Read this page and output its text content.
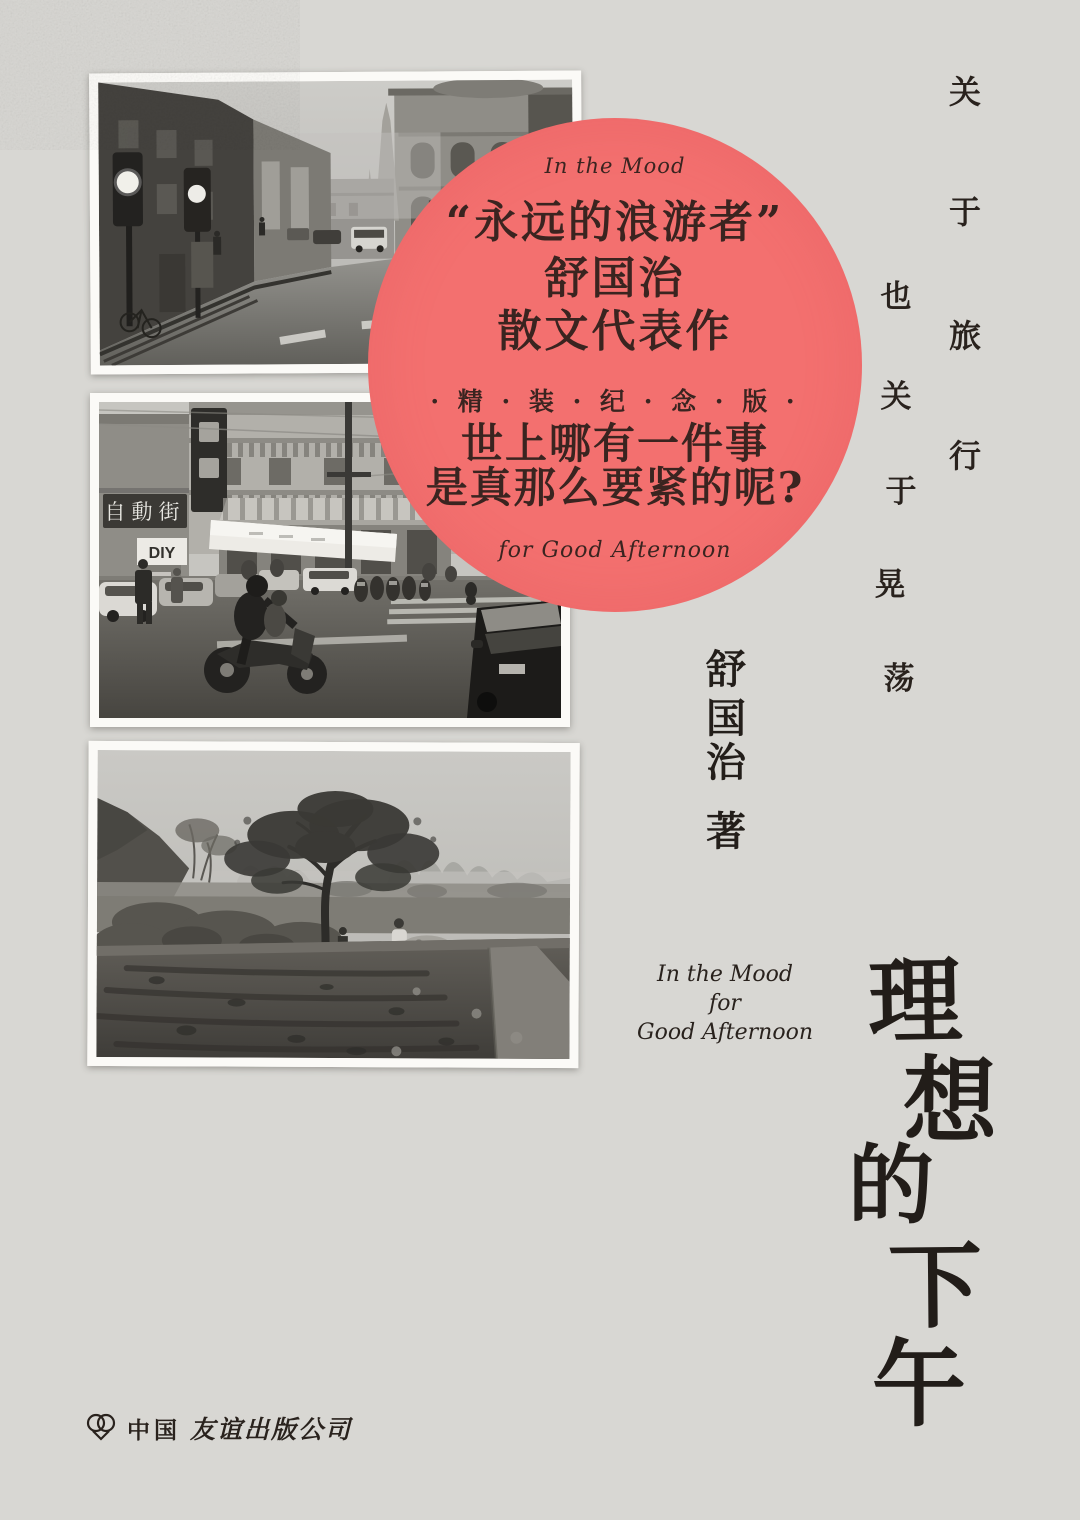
自動街
DIY

In the Mood

“永远的浪游者”

舒国治

散文代表作

· 精 · 装 · 纪 · 念 · 版 ·

世上哪有一件事

是真那么要紧的呢?

for Good Afternoon

关
于
旅
行
也
关
于
晃
荡
舒
国
治
著

In the Mood

for

Good Afternoon 理
想
的
下
午
中国 友谊出版公司
